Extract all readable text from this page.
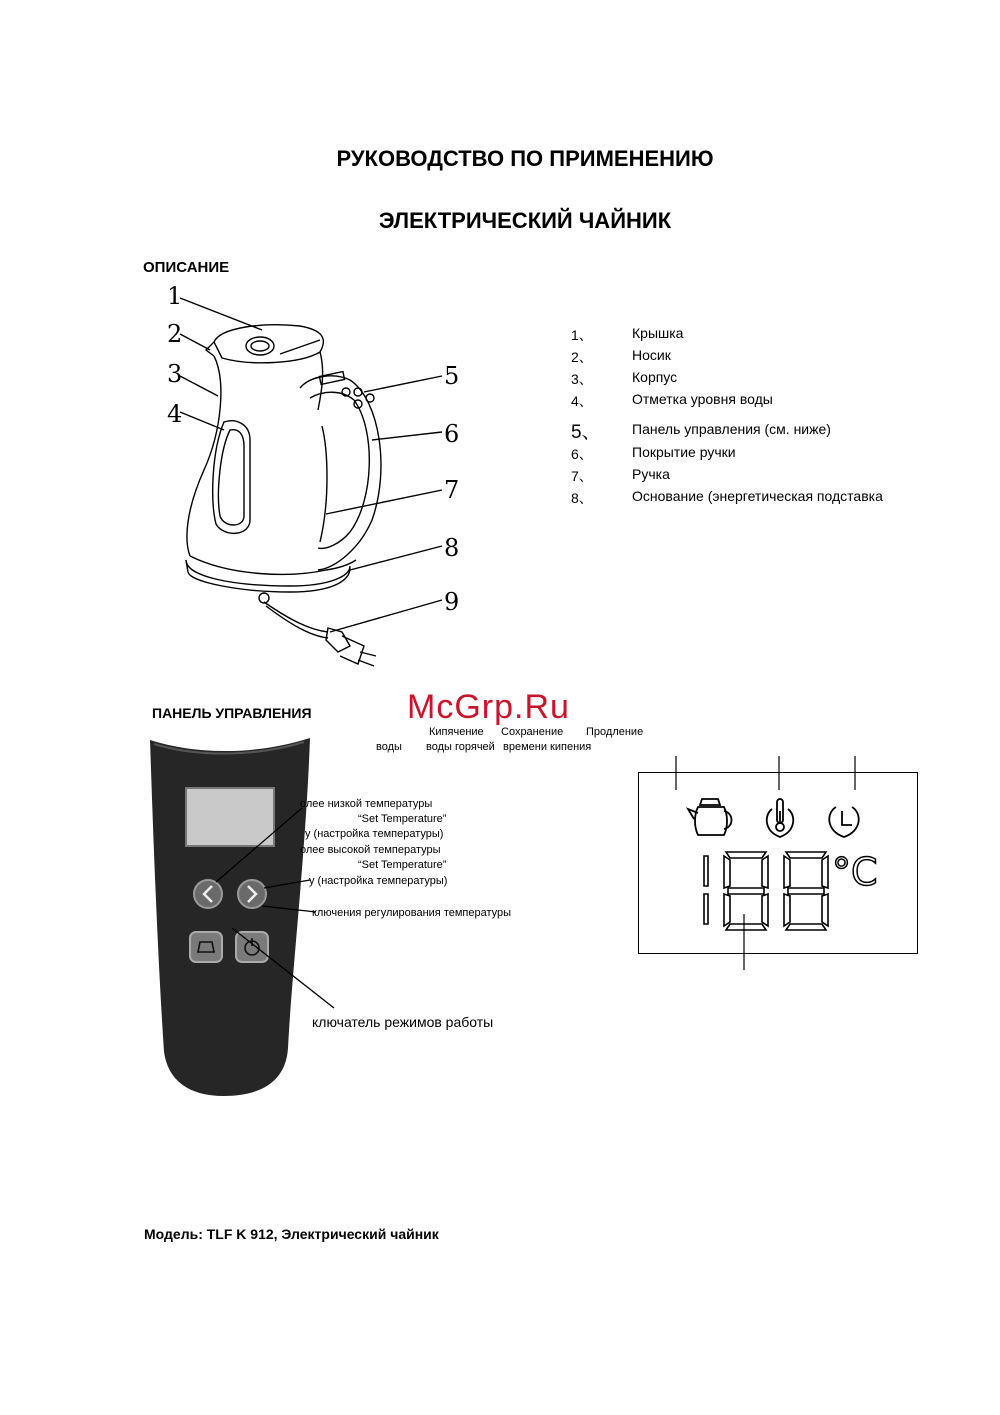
РУКОВОДСТВО ПО ПРИМЕНЕНИЮ
ЭЛЕКТРИЧЕСКИЙ ЧАЙНИК
ОПИСАНИЕ
1
2
3
4
5
6
7
8
9
1、	Крышка
2、	Носик
3、	Корпус
4、	Отметка уровня воды
5、 Панель управления (см. ниже)
6、	Покрытие ручки
7、	Ручка
8、	Основание (энергетическая подставка
ПАНЕЛЬ УПРАВЛЕНИЯ	McGrp.Ru
воды
Кипячение
воды горячей
Сохранение
времени кипения
Продление
олее низкой температуры
“Set Temperature”
y (настройка температуры)
олее высокой температуры
“Set Temperature”
y (настройка температуры)
ключения регулирования температуры
ключатель режимов работы
°C
Модель: TLF K 912, Электрический чайник
